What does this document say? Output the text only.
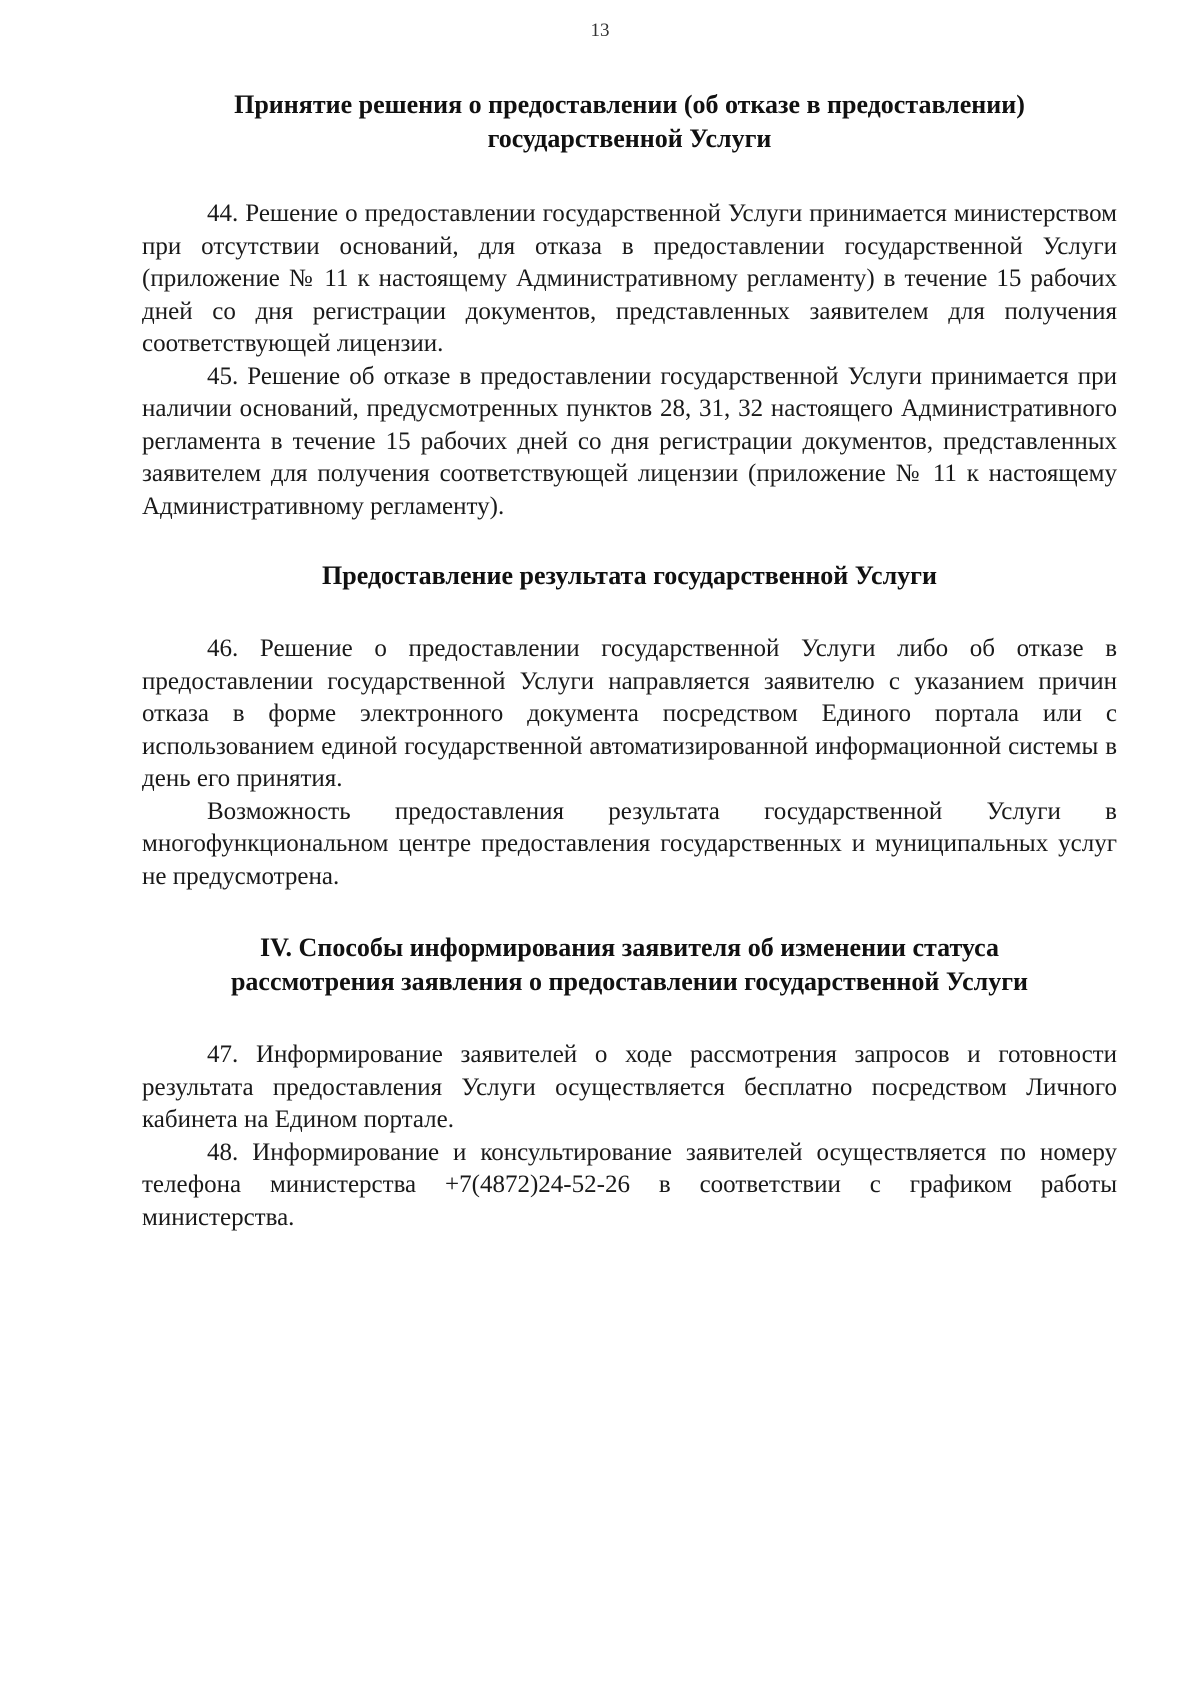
13
Принятие решения о предоставлении (об отказе в предоставлении)
государственной Услуги

44. Решение о предоставлении государственной Услуги принимается министерством при отсутствии оснований, для отказа в предоставлении государственной Услуги (приложение № 11 к настоящему Административному регламенту) в течение 15 рабочих дней со дня регистрации документов, представленных заявителем для получения соответствующей лицензии.

45. Решение об отказе в предоставлении государственной Услуги принимается при наличии оснований, предусмотренных пунктов 28, 31, 32 настоящего Административного регламента в течение 15 рабочих дней со дня регистрации документов, представленных заявителем для получения соответствующей лицензии (приложение № 11 к настоящему Административному регламенту).

Предоставление результата государственной Услуги

46. Решение о предоставлении государственной Услуги либо об отказе в предоставлении государственной Услуги направляется заявителю с указанием причин отказа в форме электронного документа посредством Единого портала или с использованием единой государственной автоматизированной информационной системы в день его принятия.

Возможность предоставления результата государственной Услуги в многофункциональном центре предоставления государственных и муниципальных услуг не предусмотрена.

IV. Способы информирования заявителя об изменении статуса
рассмотрения заявления о предоставлении государственной Услуги

47. Информирование заявителей о ходе рассмотрения запросов и готовности результата предоставления Услуги осуществляется бесплатно посредством Личного кабинета на Едином портале.

48. Информирование и консультирование заявителей осуществляется по номеру телефона министерства +7(4872)24-52-26 в соответствии с графиком работы министерства.
